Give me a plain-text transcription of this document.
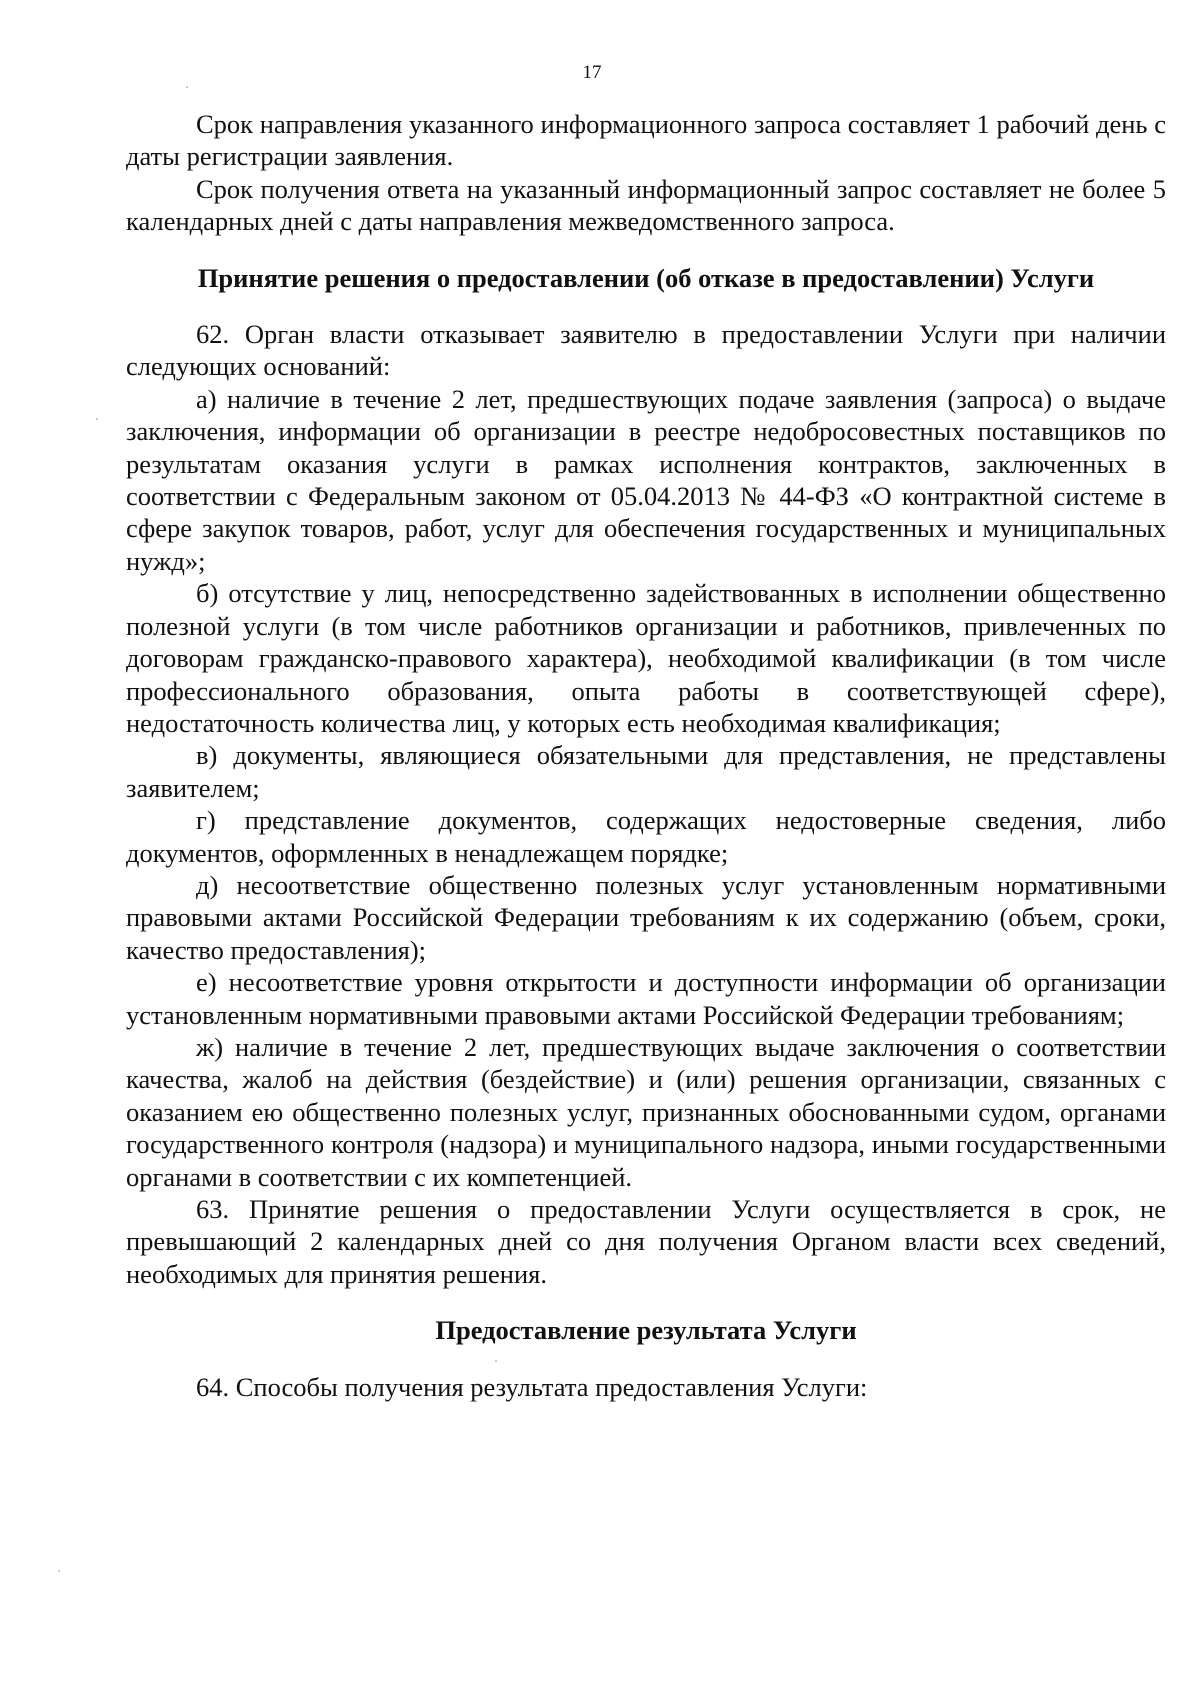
17

Срок направления указанного информационного запроса составляет 1 рабочий день с даты регистрации заявления.

Срок получения ответа на указанный информационный запрос составляет не более 5 календарных дней с даты направления межведомственного запроса.

Принятие решения о предоставлении (об отказе в предоставлении) Услуги

62. Орган власти отказывает заявителю в предоставлении Услуги при наличии следующих оснований:

а) наличие в течение 2 лет, предшествующих подаче заявления (запроса) о выдаче заключения, информации об организации в реестре недобросовестных поставщиков по результатам оказания услуги в рамках исполнения контрактов, заключенных в соответствии с Федеральным законом от 05.04.2013 № 44-ФЗ «О контрактной системе в сфере закупок товаров, работ, услуг для обеспечения государственных и муниципальных нужд»;

б) отсутствие у лиц, непосредственно задействованных в исполнении общественно полезной услуги (в том числе работников организации и работников, привлеченных по договорам гражданско-правового характера), необходимой квалификации (в том числе профессионального образования, опыта работы в соответствующей сфере), недостаточность количества лиц, у которых есть необходимая квалификация;

в) документы, являющиеся обязательными для представления, не представлены заявителем;

г) представление документов, содержащих недостоверные сведения, либо документов, оформленных в ненадлежащем порядке;

д) несоответствие общественно полезных услуг установленным нормативными правовыми актами Российской Федерации требованиям к их содержанию (объем, сроки, качество предоставления);

е) несоответствие уровня открытости и доступности информации об организации установленным нормативными правовыми актами Российской Федерации требованиям;

ж) наличие в течение 2 лет, предшествующих выдаче заключения о соответствии качества, жалоб на действия (бездействие) и (или) решения организации, связанных с оказанием ею общественно полезных услуг, признанных обоснованными судом, органами государственного контроля (надзора) и муниципального надзора, иными государственными органами в соответствии с их компетенцией.

63. Принятие решения о предоставлении Услуги осуществляется в срок, не превышающий 2 календарных дней со дня получения Органом власти всех сведений, необходимых для принятия решения.

Предоставление результата Услуги

64. Способы получения результата предоставления Услуги:
